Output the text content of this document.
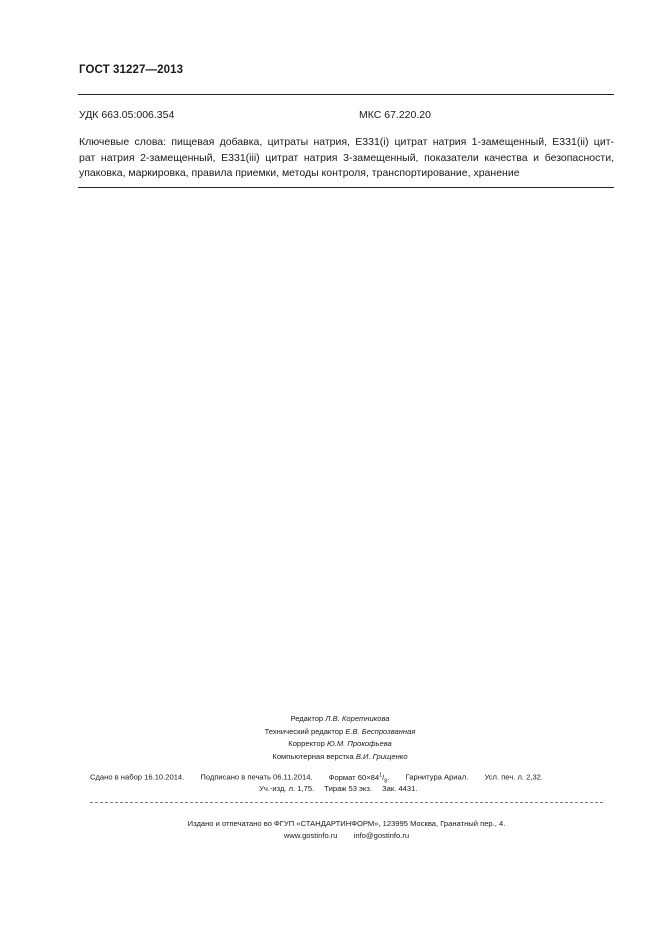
ГОСТ 31227—2013
УДК 663.05:006.354	МКС 67.220.20
Ключевые слова: пищевая добавка, цитраты натрия, E331(i) цитрат натрия 1-замещенный, E331(ii) цит-
рат натрия 2-замещенный, E331(iii) цитрат натрия 3-замещенный, показатели качества и безопасности,
упаковка, маркировка, правила приемки, методы контроля, транспортирование, хранение
Редактор Л.В. Коретникова
Технический редактор Е.В. Беспрозванная
Корректор Ю.М. Прокофьева
Компьютерная верстка В.И. Грищенко
Сдано в набор 16.10.2014. Подписано в печать 06.11.2014. Формат $60\times 84^1/_8$. Гарнитура Ариал. Усл. печ. л. 2,32.
Уч.-изд. л. 1,75. Тираж 53 экз. Зак. 4431.
Издано и отпечатано во ФГУП «СТАНДАРТИНФОРМ», 123995 Москва, Гранатный пер., 4.
www.gostinfo.ru info@gostinfo.ru
